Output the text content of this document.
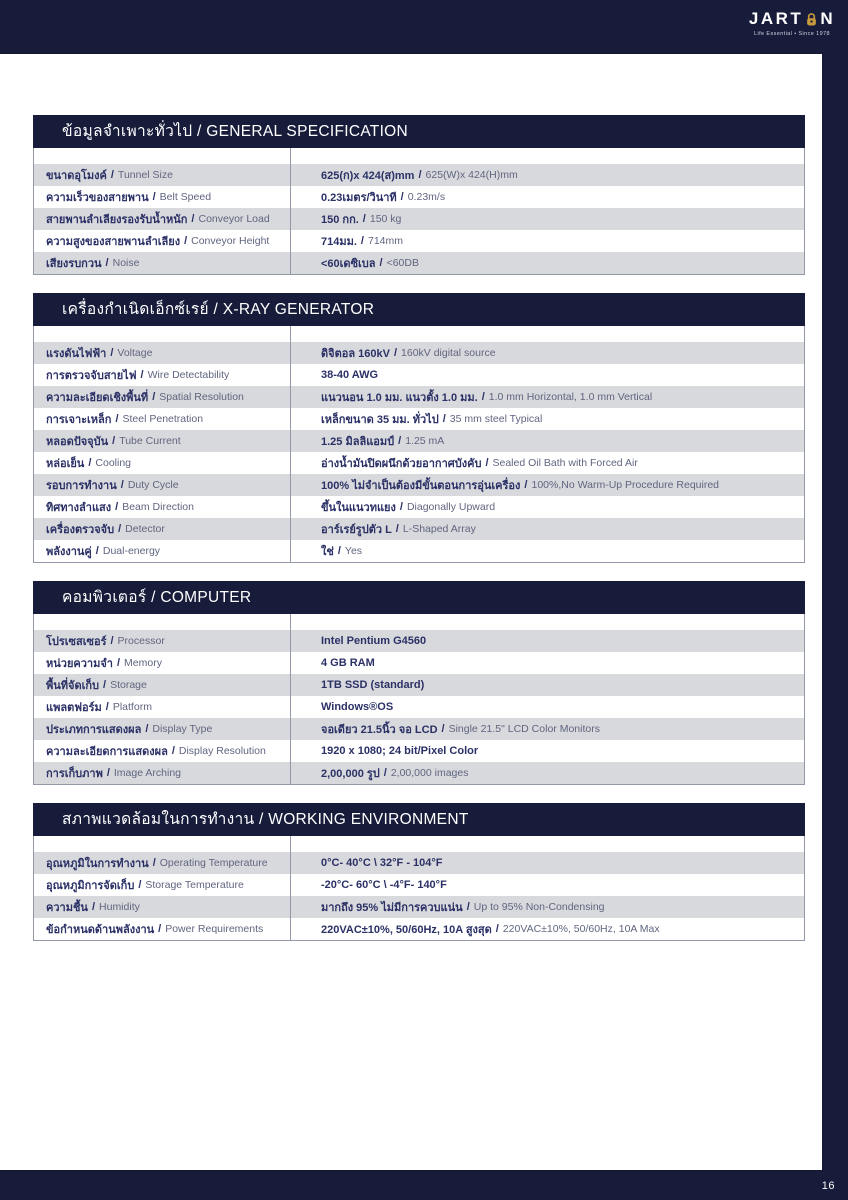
JART N
Life Essential • Since 1978
ข้อมูลจำเพาะทั่วไป / GENERAL SPECIFICATION
ขนาดอุโมงค์ / Tunnel Size	625(ก)x 424(ส)mm / 625(W)x 424(H)mm
ความเร็วของสายพาน / Belt Speed	0.23เมตร/วินาที / 0.23m/s
สายพานลำเลียงรองรับน้ำหนัก / Conveyor Load	150 กก. / 150 kg
ความสูงของสายพานลำเลียง / Conveyor Height	714มม. / 714mm
เสียงรบกวน / Noise	<60เดซิเบล / <60DB
เครื่องกำเนิดเอ็กซ์เรย์ / X-RAY GENERATOR
แรงดันไฟฟ้า / Voltage	ดิจิตอล 160kV / 160kV digital source
การตรวจจับสายไฟ / Wire Detectability	38-40 AWG
ความละเอียดเชิงพื้นที่ / Spatial Resolution	แนวนอน 1.0 มม. แนวตั้ง 1.0 มม. / 1.0 mm Horizontal, 1.0 mm Vertical
การเจาะเหล็ก / Steel Penetration	เหล็กขนาด 35 มม. ทั่วไป / 35 mm steel Typical
หลอดปัจจุบัน / Tube Current	1.25 มิลลิแอมป์ / 1.25 mA
หล่อเย็น / Cooling	อ่างน้ำมันปิดผนึกด้วยอากาศบังคับ / Sealed Oil Bath with Forced Air
รอบการทำงาน / Duty Cycle	100% ไม่จำเป็นต้องมีขั้นตอนการอุ่นเครื่อง / 100%,No Warm-Up Procedure Required
ทิศทางลำแสง / Beam Direction	ขึ้นในแนวทแยง / Diagonally Upward
เครื่องตรวจจับ / Detector	อาร์เรย์รูปตัว L / L-Shaped Array
พลังงานคู่ / Dual-energy	ใช่ / Yes
คอมพิวเตอร์ / COMPUTER
โปรเซสเซอร์ / Processor	Intel Pentium G4560
หน่วยความจำ / Memory	4 GB RAM
พื้นที่จัดเก็บ / Storage	1TB SSD (standard)
แพลตฟอร์ม / Platform	Windows®OS
ประเภทการแสดงผล / Display Type	จอเดียว 21.5นิ้ว จอ LCD / Single 21.5" LCD Color Monitors
ความละเอียดการแสดงผล / Display Resolution	1920 x 1080; 24 bit/Pixel Color
การเก็บภาพ / Image Arching	2,00,000 รูป / 2,00,000 images
สภาพแวดล้อมในการทำงาน / WORKING ENVIRONMENT
อุณหภูมิในการทำงาน / Operating Temperature	0°C- 40°C \ 32°F - 104°F
อุณหภูมิการจัดเก็บ / Storage Temperature	-20°C- 60°C \ -4°F- 140°F
ความชื้น / Humidity	มากถึง 95% ไม่มีการควบแน่น / Up to 95% Non-Condensing
ข้อกำหนดด้านพลังงาน / Power Requirements	220VAC±10%, 50/60Hz, 10A สูงสุด / 220VAC±10%, 50/60Hz, 10A Max
16
